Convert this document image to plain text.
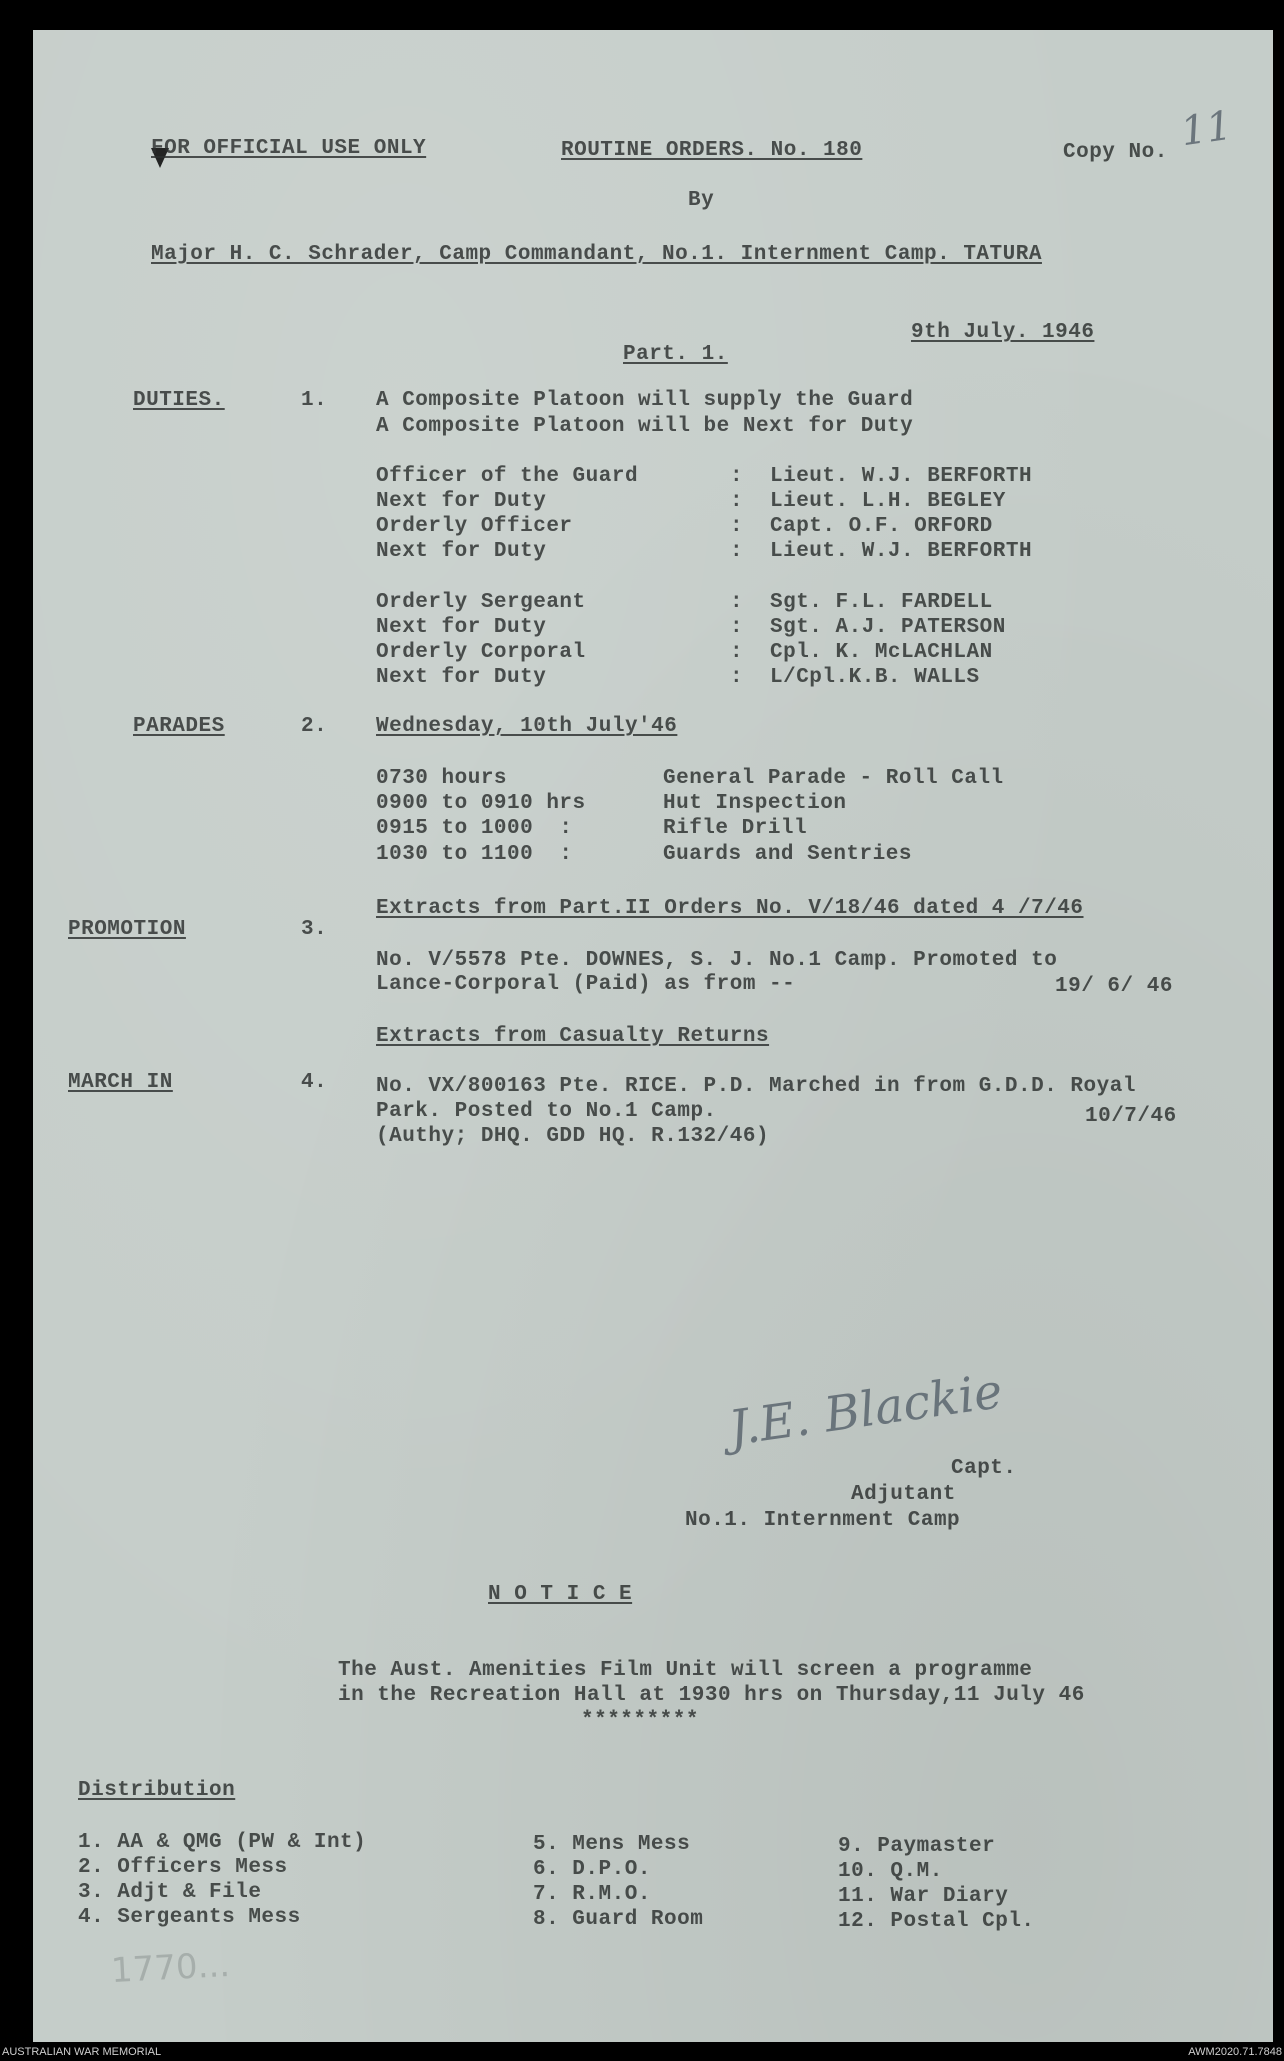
FOR OFFICIAL USE ONLY	ROUTINE ORDERS. No. 180	Copy No. 11
By
Major H. C. Schrader, Camp Commandant, No.1. Internment Camp. TATURA
9th July. 1946
Part. 1.
DUTIES.	1. A Composite Platoon will supply the Guard
A Composite Platoon will be Next for Duty
Officer of the Guard	: Lieut. W.J. BERFORTH
Next for Duty	: Lieut. L.H. BEGLEY
Orderly Officer	: Capt. O.F. ORFORD
Next for Duty	: Lieut. W.J. BERFORTH
Orderly Sergeant	: Sgt. F.L. FARDELL
Next for Duty	: Sgt. A.J. PATERSON
Orderly Corporal	: Cpl. K. McLACHLAN
Next for Duty	: L/Cpl.K.B. WALLS
PARADES	2. Wednesday, 10th July'46
0730 hours	General Parade - Roll Call
0900 to 0910 hrs	Hut Inspection
0915 to 1000  :	Rifle Drill
1030 to 1100  :	Guards and Sentries
Extracts from Part.II Orders No. V/18/46 dated 4 /7/46
PROMOTION	3.
No. V/5578 Pte. DOWNES, S. J. No.1 Camp. Promoted to
Lance-Corporal (Paid) as from --	19/ 6/ 46
Extracts from Casualty Returns
MARCH IN	4. No. VX/800163 Pte. RICE. P.D. Marched in from G.D.D. Royal
Park. Posted to No.1 Camp.	10/7/46
(Authy; DHQ. GDD HQ. R.132/46)
J.E. Blackie
Capt.
Adjutant
No.1. Internment Camp
N O T I C E
The Aust. Amenities Film Unit will screen a programme
in the Recreation Hall at 1930 hrs on Thursday,11 July 46
*********
Distribution
1. AA & QMG (PW & Int)
2. Officers Mess
3. Adjt & File
4. Sergeants Mess
5. Mens Mess
6. D.P.O.
7. R.M.O.
8. Guard Room
9. Paymaster
10. Q.M.
11. War Diary
12. Postal Cpl.
1770...
AUSTRALIAN WAR MEMORIAL	AWM2020.71.7848
